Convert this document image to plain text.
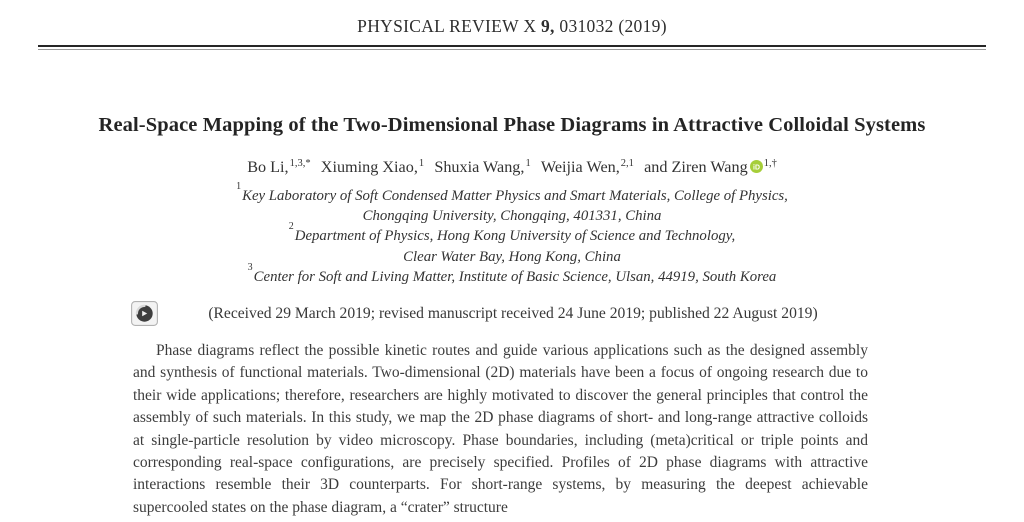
PHYSICAL REVIEW X 9, 031032 (2019)
Real-Space Mapping of the Two-Dimensional Phase Diagrams in Attractive Colloidal Systems
Bo Li,$^{1,3,*}$ Xiuming Xiao,$^1$ Shuxia Wang,$^1$ Weijia Wen,$^{2,1}$ and Ziren Wang iD $^{1,\dagger}$
$^1$Key Laboratory of Soft Condensed Matter Physics and Smart Materials, College of Physics,
Chongqing University, Chongqing, 401331, China
$^2$Department of Physics, Hong Kong University of Science and Technology,
Clear Water Bay, Hong Kong, China
$^3$Center for Soft and Living Matter, Institute of Basic Science, Ulsan, 44919, South Korea
(Received 29 March 2019; revised manuscript received 24 June 2019; published 22 August 2019)

Phase diagrams reflect the possible kinetic routes and guide various applications such as the designed assembly and synthesis of functional materials. Two-dimensional (2D) materials have been a focus of ongoing research due to their wide applications; therefore, researchers are highly motivated to discover the general principles that control the assembly of such materials. In this study, we map the 2D phase diagrams of short- and long-range attractive colloids at single-particle resolution by video microscopy. Phase boundaries, including (meta)critical or triple points and corresponding real-space configurations, are precisely specified. Profiles of 2D phase diagrams with attractive interactions resemble their 3D counterparts. For short-range systems, by measuring the deepest achievable supercooled states on the phase diagram, a “crater” structure
